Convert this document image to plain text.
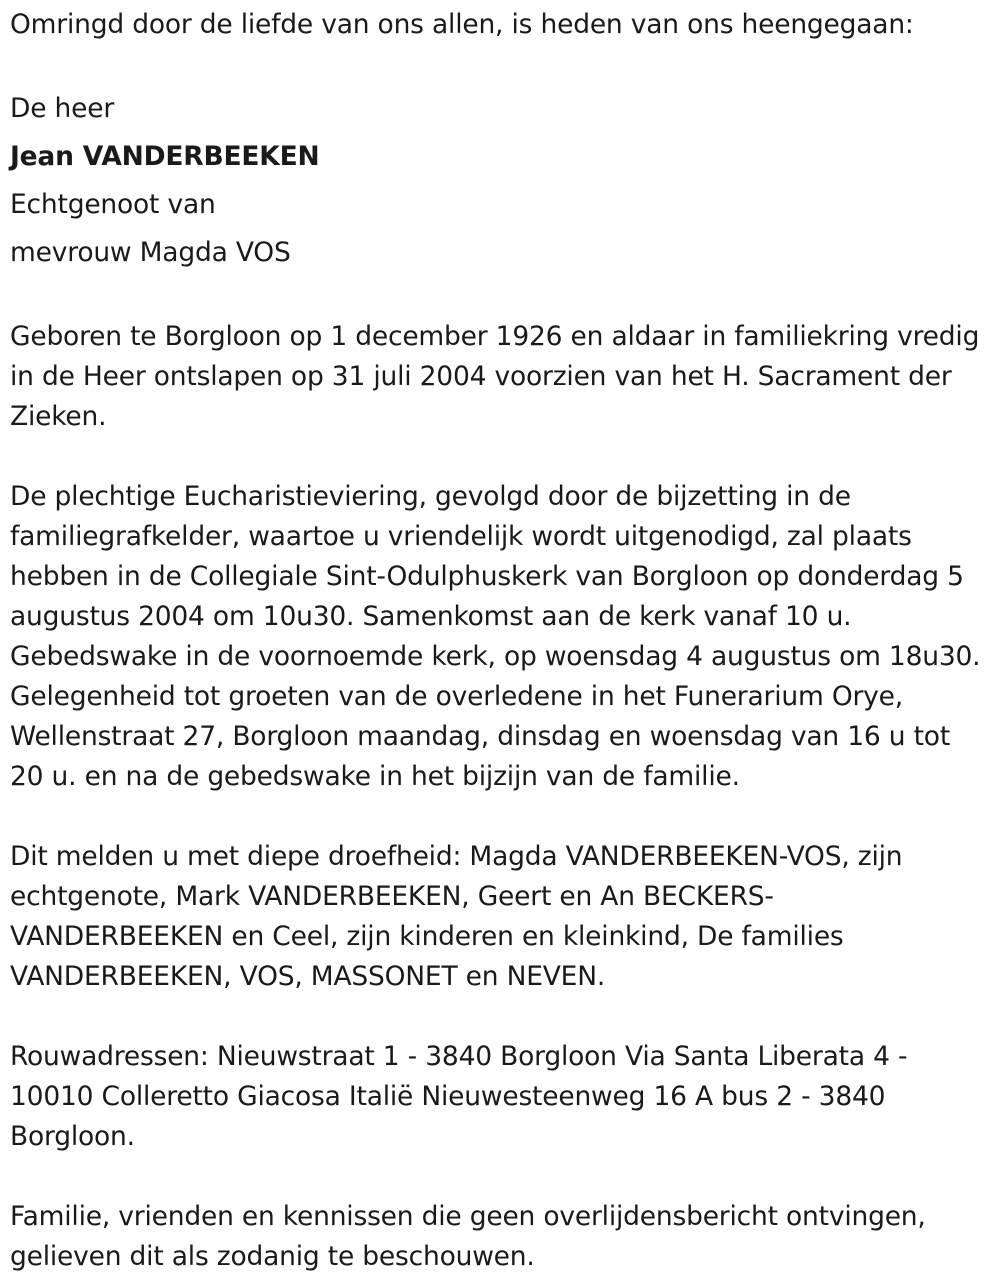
Omringd door de liefde van ons allen, is heden van ons heengegaan:
De heer
Jean VANDERBEEKEN
Echtgenoot van
mevrouw Magda VOS
Geboren te Borgloon op 1 december 1926 en aldaar in familiekring vredig
in de Heer ontslapen op 31 juli 2004 voorzien van het H. Sacrament der
Zieken.
De plechtige Eucharistieviering, gevolgd door de bijzetting in de
familiegrafkelder, waartoe u vriendelijk wordt uitgenodigd, zal plaats
hebben in de Collegiale Sint-Odulphuskerk van Borgloon op donderdag 5
augustus 2004 om 10u30. Samenkomst aan de kerk vanaf 10 u.
Gebedswake in de voornoemde kerk, op woensdag 4 augustus om 18u30.
Gelegenheid tot groeten van de overledene in het Funerarium Orye,
Wellenstraat 27, Borgloon maandag, dinsdag en woensdag van 16 u tot
20 u. en na de gebedswake in het bijzijn van de familie.
Dit melden u met diepe droefheid: Magda VANDERBEEKEN-VOS, zijn
echtgenote, Mark VANDERBEEKEN, Geert en An BECKERS-
VANDERBEEKEN en Ceel, zijn kinderen en kleinkind, De families
VANDERBEEKEN, VOS, MASSONET en NEVEN.
Rouwadressen: Nieuwstraat 1 - 3840 Borgloon Via Santa Liberata 4 -
10010 Colleretto Giacosa Italië Nieuwesteenweg 16 A bus 2 - 3840
Borgloon.
Familie, vrienden en kennissen die geen overlijdensbericht ontvingen,
gelieven dit als zodanig te beschouwen.
